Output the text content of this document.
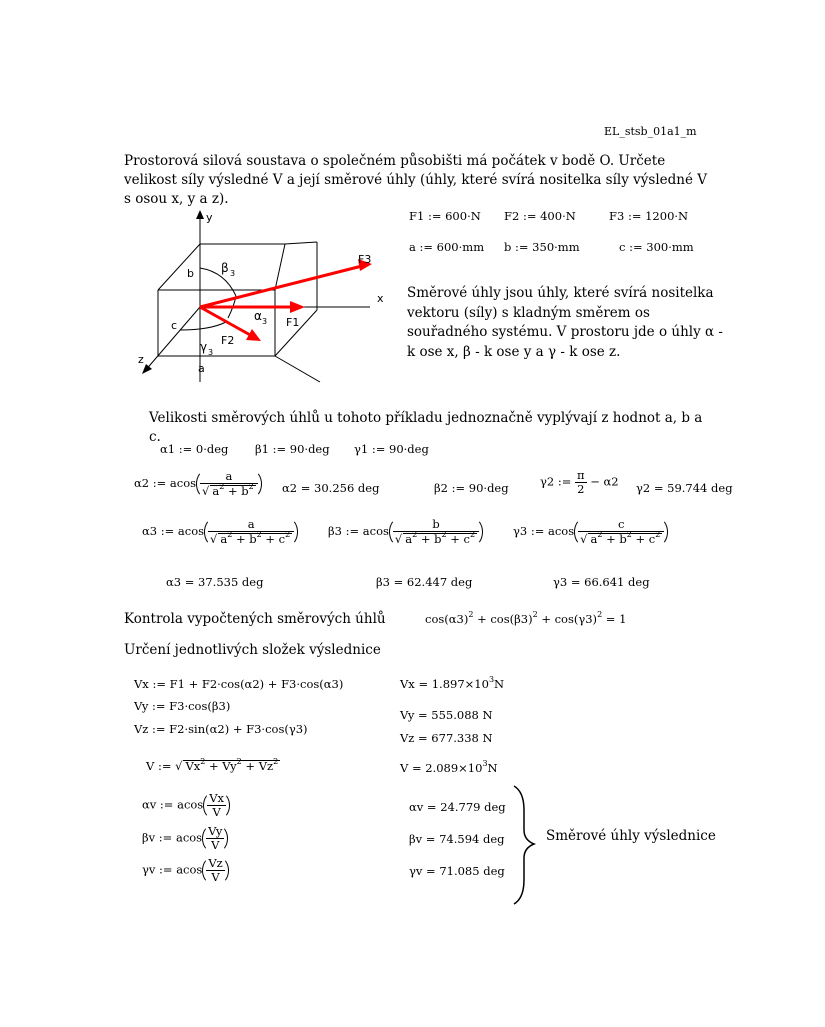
EL_stsb_01a1_m
Prostorová silová soustava o společném působišti má počátek v bodě O. Určete velikost síly výsledné V a její směrové úhly (úhly, které svírá nositelka síly výsledné V s osou x, y a z).
y
x
z
b
c
a
β 3
α 3
γ 3
F1
F2
F3
F1 := 600·N F2 := 400·N	F3 := 1200·N
a := 600·mm b := 350·mm	c := 300·mm
Směrové úhly jsou úhly, které svírá nositelka vektoru (síly) s kladným směrem os souřadného systému. V prostoru jde o úhly α - k ose x, β - k ose y a γ - k ose z.
Velikosti směrových úhlů u tohoto příkladu jednoznačně vyplývají z hodnot a, b a c.
α1 := 0·deg β1 := 90·deg γ1 := 90·deg
α2 := acos $\frac{a}{√ a^2 + b^2} \alpha 2 = 30.256$ deg	β2 := 90·deg	γ2 := $\frac{\pi}{2} - \alpha 2$ γ2 = 59.744 deg
α3 := acos $\frac{a}{√ a^2 + b^2 + c^2}$	β3 := acos $\frac{b}{√ a^2 + b^2 + c^2}$	γ3 := acos $\frac{c}{√ a^2 + b^2 + c^2}$
α3 = 37.535 deg	β3 = 62.447 deg	γ3 = 66.641 deg
Kontrola vypočtených směrových úhlů	$\cos(\alpha 3)^2 + \cos(\beta 3)^2 + \cos(\gamma 3)^2 = 1$
Určení jednotlivých složek výslednice
Vx := F1 + F2·cos(α2) + F3·cos(α3)
Vy := F3·cos(β3)
Vz := F2·sin(α2) + F3·cos(γ3)
V := √ $Vx^2 + Vy^2 + Vz^2$
$Vx = 1.897\times 10^3N$
Vy = 555.088 N
Vz = 677.338 N
$V = 2.089\times 10^3N$
αv := acos $\frac{Vx}{V}$
βv := acos $\frac{Vy}{V}$
γv := acos $\frac{Vz}{V}$
αv = 24.779 deg
βv = 74.594 deg
γv = 71.085 deg
Směrové úhly výslednice
